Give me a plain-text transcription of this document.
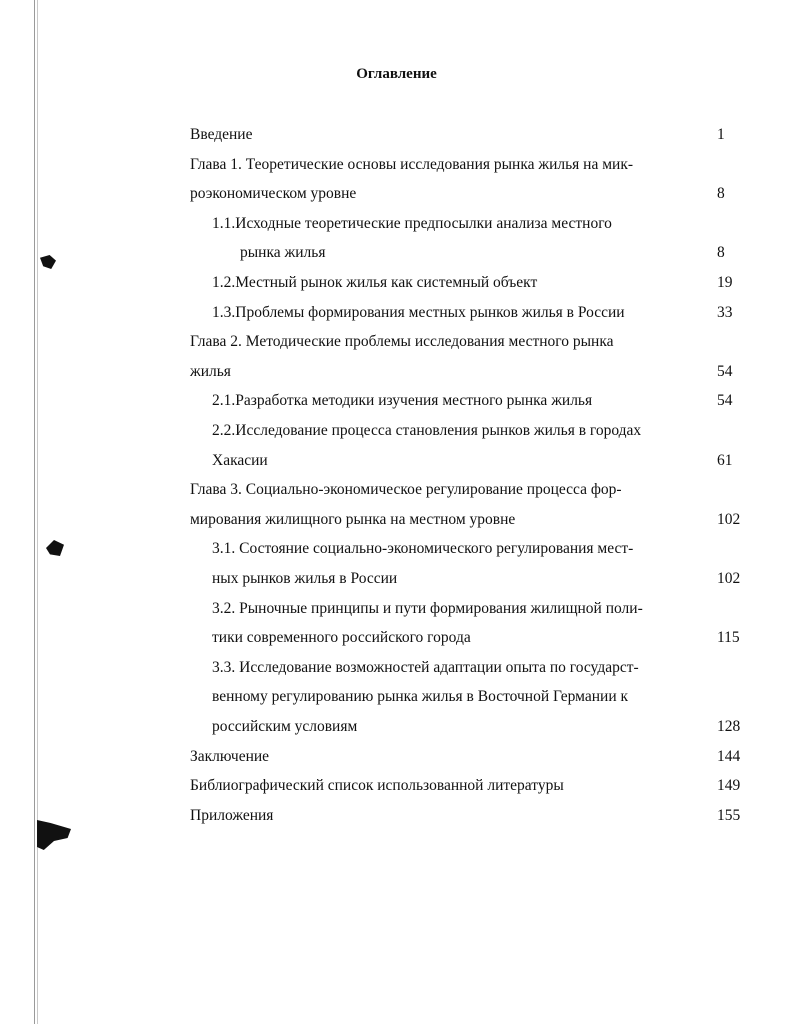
Оглавление
Введение	1
Глава 1. Теоретические основы исследования рынка жилья на мик-
роэкономическом уровне	8
1.1.Исходные теоретические предпосылки анализа местного
рынка жилья	8
1.2.Местный рынок жилья как системный объект	19
1.3.Проблемы формирования местных рынков жилья в России	33
Глава 2. Методические проблемы исследования местного рынка
жилья	54
2.1.Разработка методики изучения местного рынка жилья	54
2.2.Исследование процесса становления рынков жилья в городах
Хакасии	61
Глава 3. Социально-экономическое регулирование процесса фор-
мирования жилищного рынка на местном уровне	102
3.1. Состояние социально-экономического регулирования мест-
ных рынков жилья в России	102
3.2. Рыночные принципы и пути формирования жилищной поли-
тики современного российского города	115
3.3. Исследование возможностей адаптации опыта по государст-
венному регулированию рынка жилья в Восточной Германии к
российским условиям	128
Заключение	144
Библиографический список использованной литературы	149
Приложения	155
